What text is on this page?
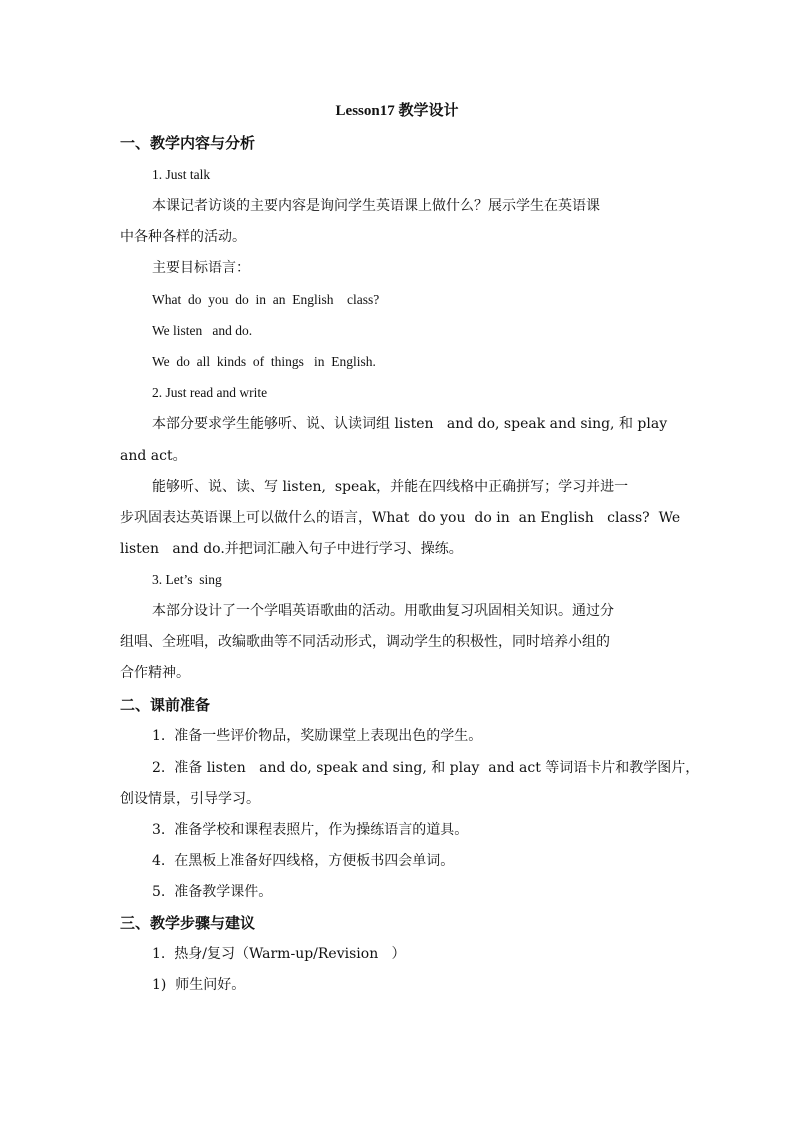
Lesson17 教学设计
一、教学内容与分析
1. Just talk
本课记者访谈的主要内容是询问学生英语课上做什么？展示学生在英语课
中各种各样的活动。
主要目标语言：
What  do  you  do  in  an  English    class?
We listen   and do.
We  do  all  kinds  of  things   in  English.
2. Just read and write
本部分要求学生能够听、说、认读词组 listen   and do, speak and sing, 和 play
and act。
能够听、说、读、写 listen,  speak，并能在四线格中正确拼写；学习并进一
步巩固表达英语课上可以做什么的语言，What  do you  do in  an English   class?  We
listen   and do.并把词汇融入句子中进行学习、操练。
3. Let’s  sing
本部分设计了一个学唱英语歌曲的活动。用歌曲复习巩固相关知识。通过分
组唱、全班唱，改编歌曲等不同活动形式，调动学生的积极性，同时培养小组的
合作精神。
二、课前准备
1.  准备一些评价物品，奖励课堂上表现出色的学生。
2.  准备 listen   and do, speak and sing, 和 play  and act 等词语卡片和教学图片，
创设情景，引导学习。
3.  准备学校和课程表照片，作为操练语言的道具。
4.  在黑板上准备好四线格，方便板书四会单词。
5.  准备教学课件。
三、教学步骤与建议
1.  热身/复习（Warm-up/Revision   ）
1)  师生问好。
